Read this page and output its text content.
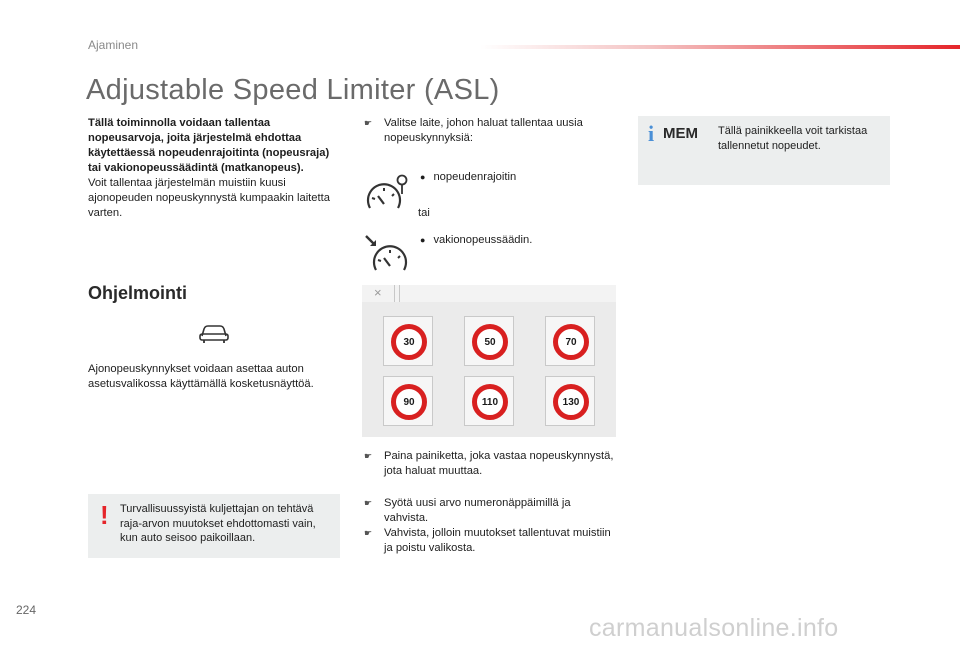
Ajaminen
Adjustable Speed Limiter (ASL)
Tällä toiminnolla voidaan tallentaa nopeusarvoja, joita järjestelmä ehdottaa käytettäessä nopeudenrajoitinta (nopeusraja) tai vakionopeussäädintä (matkanopeus).
Voit tallentaa järjestelmän muistiin kuusi ajonopeuden nopeuskynnystä kumpaakin laitetta varten.
Ohjelmointi
Ajonopeuskynnykset voidaan asettaa auton asetusvalikossa käyttämällä kosketusnäyttöä.
! Turvallisuussyistä kuljettajan on tehtävä raja-arvon muutokset ehdottomasti vain, kun auto seisoo paikoillaan.
☛	Valitse laite, johon haluat tallentaa uusia nopeuskynnyksiä:
● nopeudenrajoitin
tai
● vakionopeussäädin.
×
30	50	70
90	110	130
☛	Paina painiketta, joka vastaa nopeuskynnystä, jota haluat muuttaa.
☛	Syötä uusi arvo numeronäppäimillä ja vahvista.
☛	Vahvista, jolloin muutokset tallentuvat muistiin ja poistu valikosta.
i MEM Tällä painikkeella voit tarkistaa tallennetut nopeudet.
224
carmanualsonline.info
